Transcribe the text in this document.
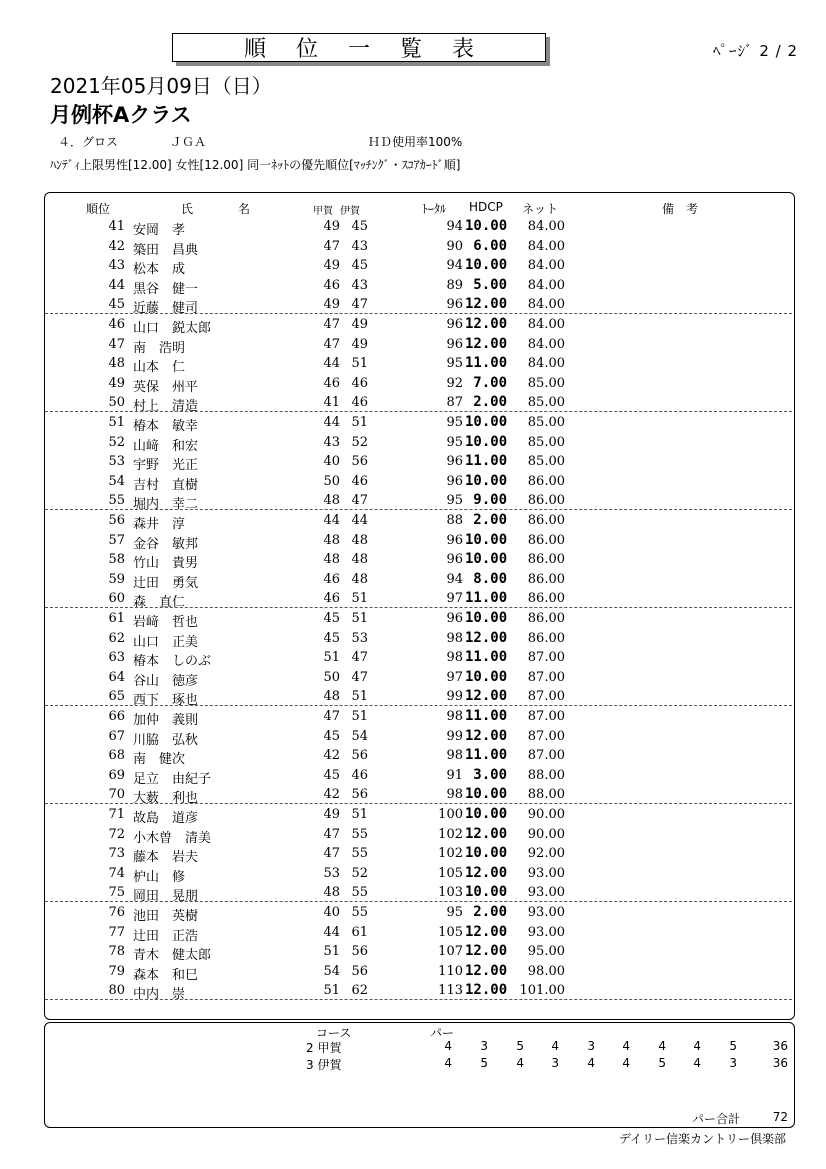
順位一覧表	ﾍﾟｰｼﾞ 2 / 2
2021年05月09日（日）
月例杯Aクラス
４．グロス	ＪＧＡ	ＨＤ使用率100%
ﾊﾝﾃﾞｨ上限男性[12.00] 女性[12.00] 同一ﾈｯﾄの優先順位[ﾏｯﾁﾝｸﾞ・ｽｺｱｶｰﾄﾞ順]
順位	氏	名	甲賀 伊賀	ﾄｰﾀﾙ HDCP ネット	備　考
41 安岡　孝	49 45	94 10.00	84.00
42 築田　昌典	47 43	90 6.00	84.00
43 松本　成	49 45	94 10.00	84.00
44 黒谷　健一	46 43	89 5.00	84.00
45 近藤　健司	49 47	96 12.00	84.00
46 山口　鋭太郎	47 49	96 12.00	84.00
47 南　浩明	47 49	96 12.00	84.00
48 山本　仁	44 51	95 11.00	84.00
49 英保　州平	46 46	92 7.00	85.00
50 村上　清造	41 46	87 2.00	85.00
51 椿本　敏幸	44 51	95 10.00	85.00
52 山﨑　和宏	43 52	95 10.00	85.00
53 宇野　光正	40 56	96 11.00	85.00
54 吉村　直樹	50 46	96 10.00	86.00
55 堀内　幸二	48 47	95 9.00	86.00
56 森井　淳	44 44	88 2.00	86.00
57 金谷　敏邦	48 48	96 10.00	86.00
58 竹山　貴男	48 48	96 10.00	86.00
59 辻田　勇気	46 48	94 8.00	86.00
60 森　直仁	46 51	97 11.00	86.00
61 岩﨑　哲也	45 51	96 10.00	86.00
62 山口　正美	45 53	98 12.00	86.00
63 椿本　しのぶ	51 47	98 11.00	87.00
64 谷山　徳彦	50 47	97 10.00	87.00
65 西下　琢也	48 51	99 12.00	87.00
66 加仲　義則	47 51	98 11.00	87.00
67 川脇　弘秋	45 54	99 12.00	87.00
68 南　健次	42 56	98 11.00	87.00
69 足立　由紀子	45 46	91 3.00	88.00
70 大薮　利也	42 56	98 10.00	88.00
71 故島　道彦	49 51	100 10.00	90.00
72 小木曽　清美	47 55	102 12.00	90.00
73 藤本　岩夫	47 55	102 10.00	92.00
74 枦山　修	53 52	105 12.00	93.00
75 岡田　晃朋	48 55	103 10.00	93.00
76 池田　英樹	40 55	95 2.00	93.00
77 辻田　正浩	44 61	105 12.00	93.00
78 青木　健太郎	51 56	107 12.00	95.00
79 森本　和巳	54 56	110 12.00	98.00
80 中内　崇	51 62	113 12.00 101.00
コース	パー
2 甲賀	4	3	5	4	3	4	4	4	5	36
3 伊賀	4	5	4	3	4	4	5	4	3	36
パー合計	72
デイリー信楽カントリー倶楽部
